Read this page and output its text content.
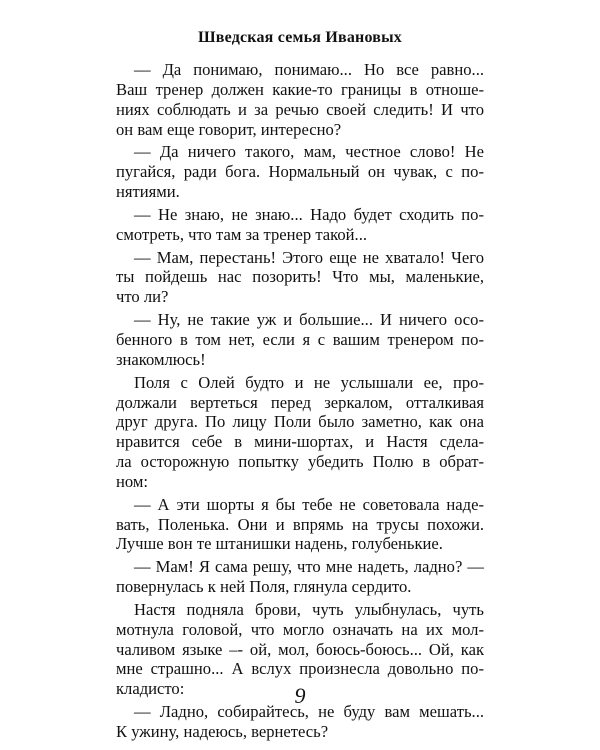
Шведская семья Ивановых
— Да понимаю, понимаю... Но все равно...
Ваш тренер должен какие-то границы в отноше-
ниях соблюдать и за речью своей следить! И что
он вам еще говорит, интересно?
— Да ничего такого, мам, честное слово! Не
пугайся, ради бога. Нормальный он чувак, с по-
нятиями.
— Не знаю, не знаю... Надо будет сходить по-
смотреть, что там за тренер такой...
— Мам, перестань! Этого еще не хватало! Чего
ты пойдешь нас позорить! Что мы, маленькие,
что ли?
— Ну, не такие уж и большие... И ничего осо-
бенного в том нет, если я с вашим тренером по-
знакомлюсь!
Поля с Олей будто и не услышали ее, про-
должали вертеться перед зеркалом, отталкивая
друг друга. По лицу Поли было заметно, как она
нравится себе в мини-шортах, и Настя сдела-
ла осторожную попытку убедить Полю в обрат-
ном:
— А эти шорты я бы тебе не советовала наде-
вать, Поленька. Они и впрямь на трусы похожи.
Лучше вон те штанишки надень, голубенькие.
— Мам! Я сама решу, что мне надеть, ладно? —
повернулась к ней Поля, глянула сердито.
Настя подняла брови, чуть улыбнулась, чуть
мотнула головой, что могло означать на их мол-
чаливом языке –- ой, мол, боюсь-боюсь... Ой, как
мне страшно... А вслух произнесла довольно по-
кладисто:
— Ладно, собирайтесь, не буду вам мешать...
К ужину, надеюсь, вернетесь?
9
